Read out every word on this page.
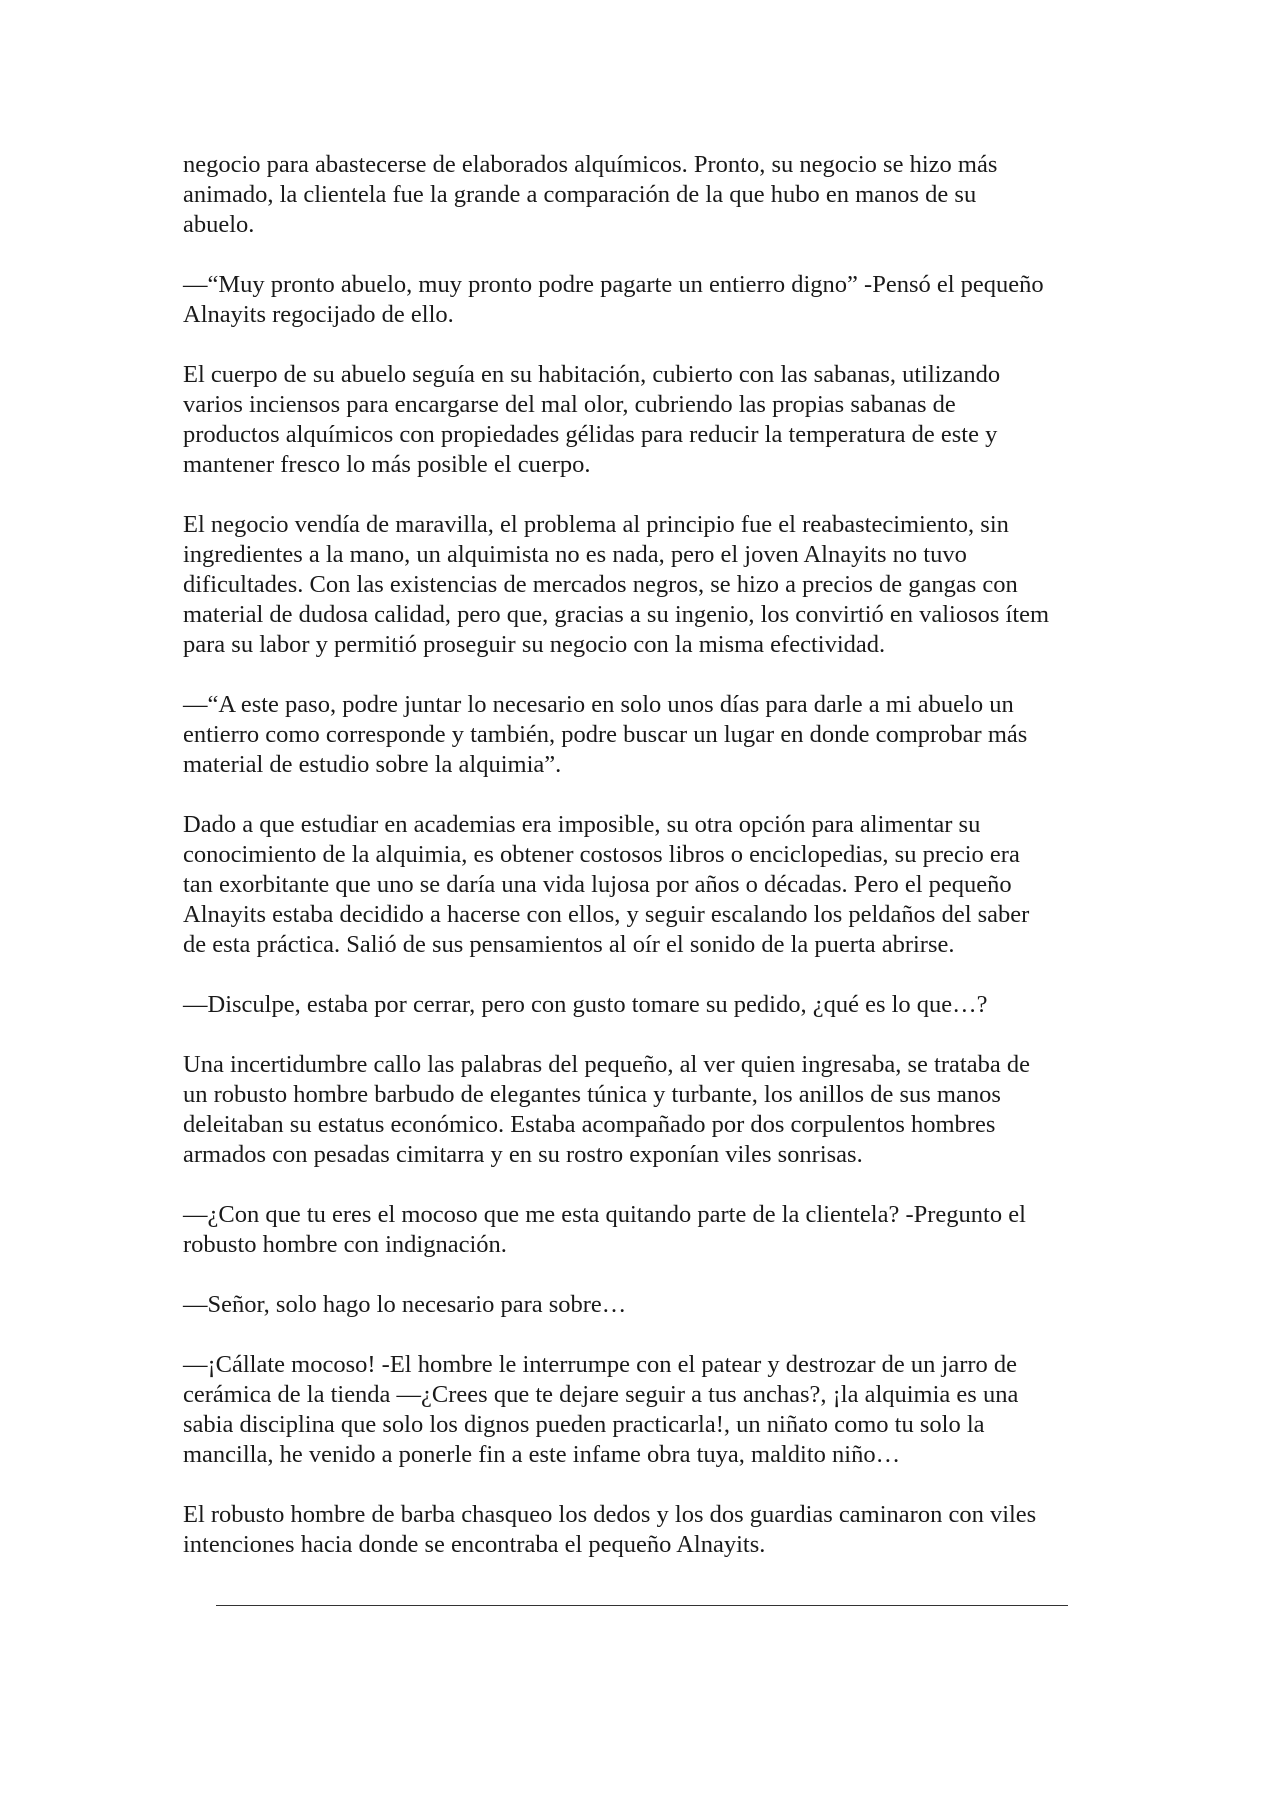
negocio para abastecerse de elaborados alquímicos. Pronto, su negocio se hizo más
animado, la clientela fue la grande a comparación de la que hubo en manos de su
abuelo.

—“Muy pronto abuelo, muy pronto podre pagarte un entierro digno” -Pensó el pequeño
Alnayits regocijado de ello.

El cuerpo de su abuelo seguía en su habitación, cubierto con las sabanas, utilizando
varios inciensos para encargarse del mal olor, cubriendo las propias sabanas de
productos alquímicos con propiedades gélidas para reducir la temperatura de este y
mantener fresco lo más posible el cuerpo.

El negocio vendía de maravilla, el problema al principio fue el reabastecimiento, sin
ingredientes a la mano, un alquimista no es nada, pero el joven Alnayits no tuvo
dificultades. Con las existencias de mercados negros, se hizo a precios de gangas con
material de dudosa calidad, pero que, gracias a su ingenio, los convirtió en valiosos ítem
para su labor y permitió proseguir su negocio con la misma efectividad.

—“A este paso, podre juntar lo necesario en solo unos días para darle a mi abuelo un
entierro como corresponde y también, podre buscar un lugar en donde comprobar más
material de estudio sobre la alquimia”.

Dado a que estudiar en academias era imposible, su otra opción para alimentar su
conocimiento de la alquimia, es obtener costosos libros o enciclopedias, su precio era
tan exorbitante que uno se daría una vida lujosa por años o décadas. Pero el pequeño
Alnayits estaba decidido a hacerse con ellos, y seguir escalando los peldaños del saber
de esta práctica. Salió de sus pensamientos al oír el sonido de la puerta abrirse.

—Disculpe, estaba por cerrar, pero con gusto tomare su pedido, ¿qué es lo que…?

Una incertidumbre callo las palabras del pequeño, al ver quien ingresaba, se trataba de
un robusto hombre barbudo de elegantes túnica y turbante, los anillos de sus manos
deleitaban su estatus económico. Estaba acompañado por dos corpulentos hombres
armados con pesadas cimitarra y en su rostro exponían viles sonrisas.

—¿Con que tu eres el mocoso que me esta quitando parte de la clientela? -Pregunto el
robusto hombre con indignación.

—Señor, solo hago lo necesario para sobre…

—¡Cállate mocoso! -El hombre le interrumpe con el patear y destrozar de un jarro de
cerámica de la tienda —¿Crees que te dejare seguir a tus anchas?, ¡la alquimia es una
sabia disciplina que solo los dignos pueden practicarla!, un niñato como tu solo la
mancilla, he venido a ponerle fin a este infame obra tuya, maldito niño…

El robusto hombre de barba chasqueo los dedos y los dos guardias caminaron con viles
intenciones hacia donde se encontraba el pequeño Alnayits.
